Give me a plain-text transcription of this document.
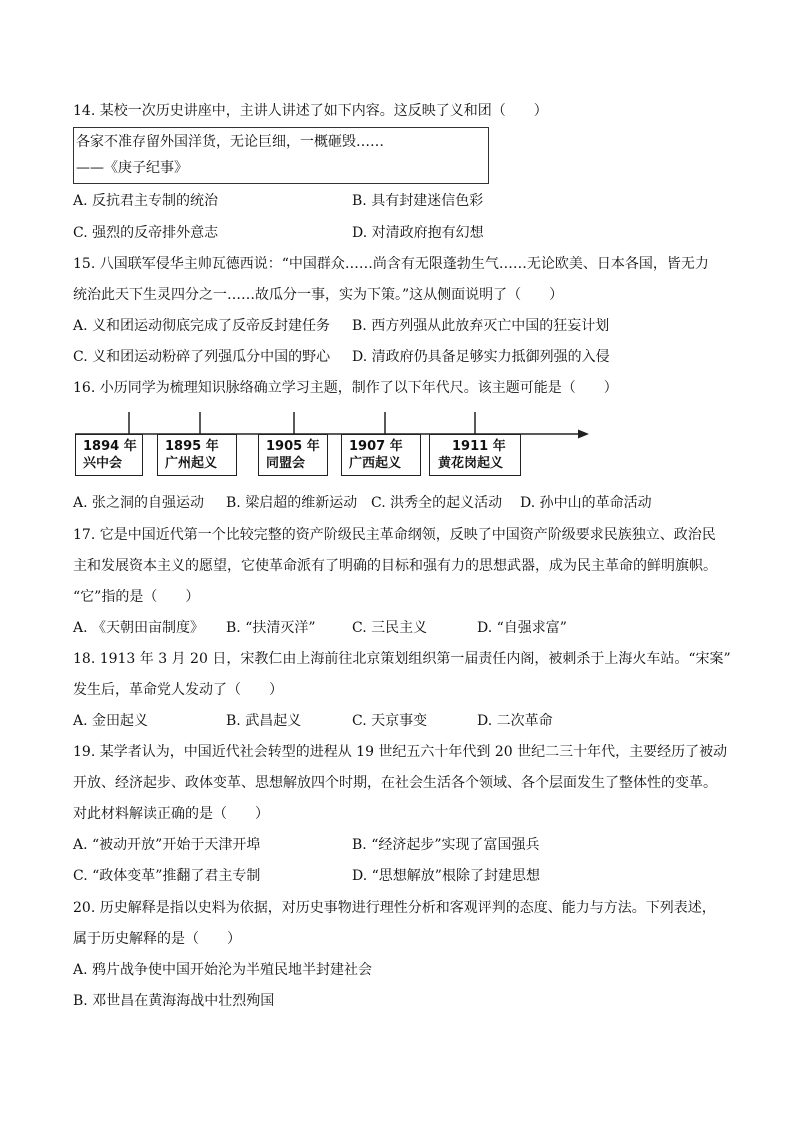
14. 某校一次历史讲座中，主讲人讲述了如下内容。这反映了义和团（　　）
各家不准存留外国洋货，无论巨细，一概砸毁……
——《庚子纪事》
A. 反抗君主专制的统治	B. 具有封建迷信色彩
C. 强烈的反帝排外意志	D. 对清政府抱有幻想
15. 八国联军侵华主帅瓦德西说：“中国群众……尚含有无限蓬勃生气……无论欧美、日本各国，皆无力
统治此天下生灵四分之一……故瓜分一事，实为下策。”这从侧面说明了（　　）
A. 义和团运动彻底完成了反帝反封建任务 B. 西方列强从此放弃灭亡中国的狂妄计划
C. 义和团运动粉碎了列强瓜分中国的野心 D. 清政府仍具备足够实力抵御列强的入侵
16. 小历同学为梳理知识脉络确立学习主题，制作了以下年代尺。该主题可能是（　　）
1894 年
兴中会
1895 年
广州起义
1905 年
同盟会
1907 年
广西起义
1911 年
黄花岗起义
A. 张之洞的自强运动 B. 梁启超的维新运动 C. 洪秀全的起义活动 D. 孙中山的革命活动
17. 它是中国近代第一个比较完整的资产阶级民主革命纲领，反映了中国资产阶级要求民族独立、政治民
主和发展资本主义的愿望，它使革命派有了明确的目标和强有力的思想武器，成为民主革命的鲜明旗帜。
“它”指的是（　　）
A. 《天朝田亩制度》 B. “扶清灭洋”	C. 三民主义	D. “自强求富”
18. 1913 年 3 月 20 日，宋教仁由上海前往北京策划组织第一届责任内阁，被刺杀于上海火车站。“宋案”
发生后，革命党人发动了（　　）
A. 金田起义	B. 武昌起义	C. 天京事变	D. 二次革命
19. 某学者认为，中国近代社会转型的进程从 19 世纪五六十年代到 20 世纪二三十年代，主要经历了被动
开放、经济起步、政体变革、思想解放四个时期，在社会生活各个领域、各个层面发生了整体性的变革。
对此材料解读正确的是（　　）
A. “被动开放”开始于天津开埠	B. “经济起步”实现了富国强兵
C. “政体变革”推翻了君主专制	D. “思想解放”根除了封建思想
20. 历史解释是指以史料为依据，对历史事物进行理性分析和客观评判的态度、能力与方法。下列表述，
属于历史解释的是（　　）
A. 鸦片战争使中国开始沦为半殖民地半封建社会
B. 邓世昌在黄海海战中壮烈殉国
